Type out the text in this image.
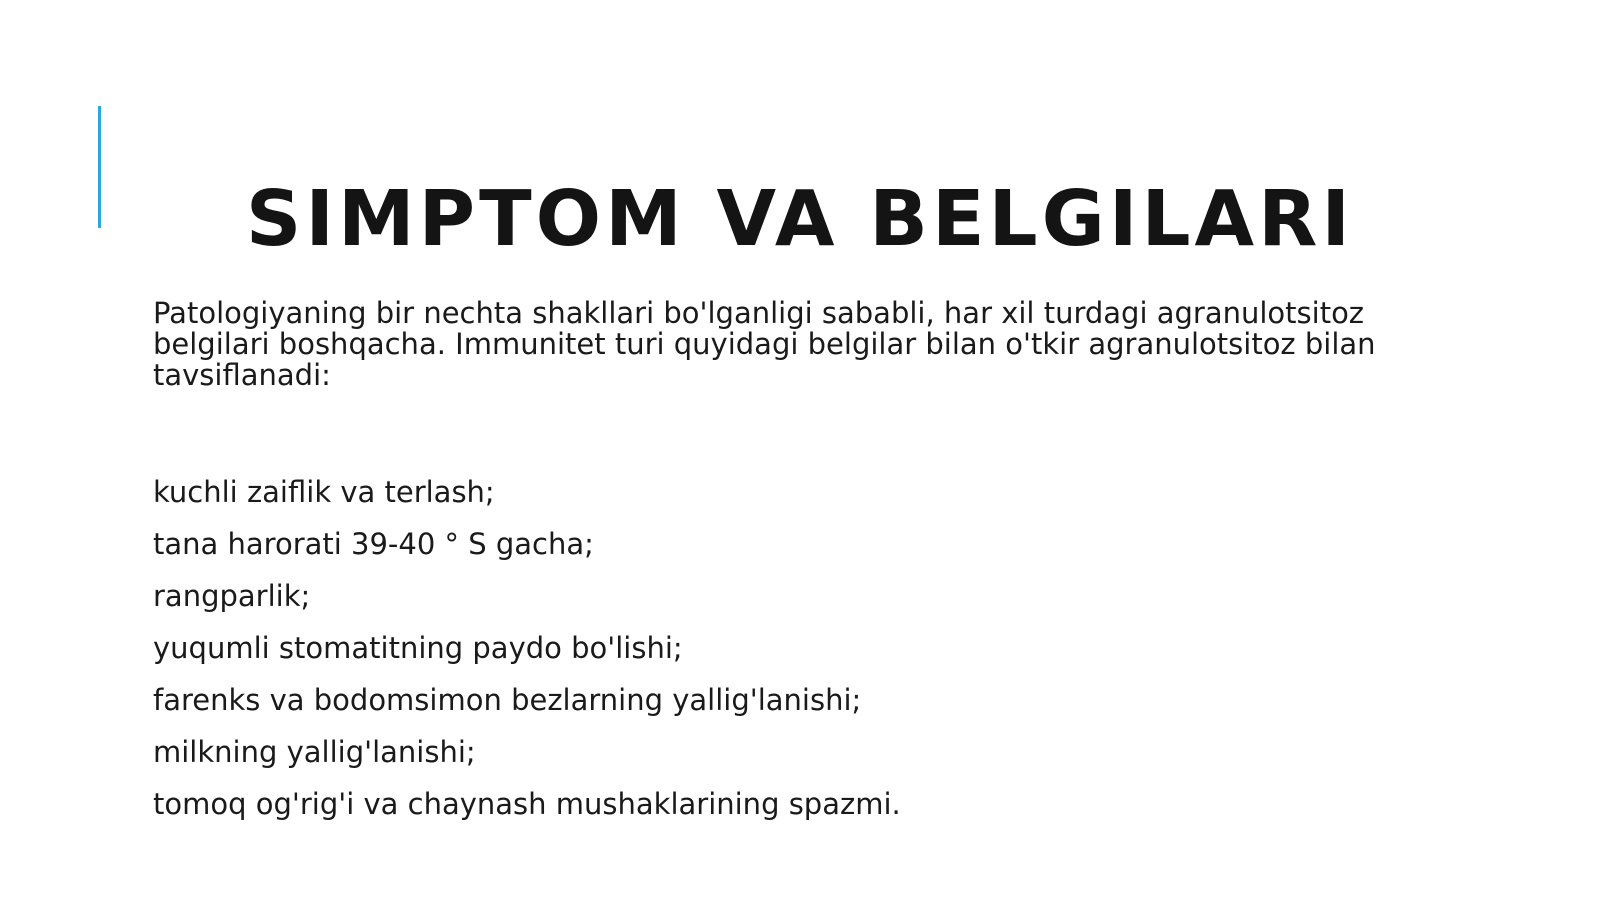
SIMPTOM VA BELGILARI

Patologiyaning bir nechta shakllari bo'lganligi sababli, har xil turdagi agranulotsitoz belgilari boshqacha. Immunitet turi quyidagi belgilar bilan o'tkir agranulotsitoz bilan tavsiflanadi:

kuchli zaiflik va terlash;
tana harorati 39-40 ° S gacha;
rangparlik;
yuqumli stomatitning paydo bo'lishi;
farenks va bodomsimon bezlarning yallig'lanishi;
milkning yallig'lanishi;
tomoq og'rig'i va chaynash mushaklarining spazmi.
